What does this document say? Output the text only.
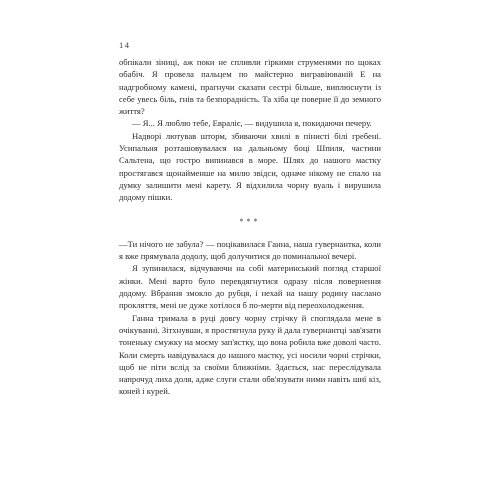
14

обпікали зіниці, аж поки не спливли гіркими струменями по щоках обабіч. Я провела пальцем по майстерно вигравіюваній Е на надгробному камені, прагнучи сказати сестрі більше, виплюснути із себе увесь біль, гнів та безпорадність. Та хіба це поверне її до земного життя?

— Я... Я люблю тебе, Евраліє, — видушила я, покидаючи печеру.

Надворі лютував шторм, збиваючи хвилі в пінисті білі гребені. Усипальня розташовувалася на дальньому боці Шпиля, частини Сальтена, що гостро випинався в море. Шлях до нашого мастку простягався щонайменше на милю звідси, одначе нікому не спало на думку залишити мені карету. Я відхилила чорну вуаль і вирушила додому пішки.

***

—Ти нічого не забула? — поцікавилася Ганна, наша гувернантка, коли я вже прямувала додолу, щоб долучитися до поминальної вечері.

Я зупинилася, відчуваючи на собі материнський погляд старшої жінки. Мені варто було перевдягнутися одразу після повернення додому. Вбрання змокло до рубця, і нехай на нашу родину наслано прокляття, мені не дуже хотілося б по-мерти від переохолодження.

Ганна тримала в руці довгу чорну стрічку й споглядала мене в очікуванні. Зітхнувши, я простягнула руку й дала гувернантці зав'язати тоненьку смужку на моєму зап'ястку, що вона робила вже доволі часто. Коли смерть навідувалася до нашого мастку, усі носили чорні стрічки, щоб не піти вслід за своїми ближніми. Здається, нас переслідувала напрочуд лиха доля, адже слуги стали обв'язувати ними навіть шиї кіз, коней і курей.
